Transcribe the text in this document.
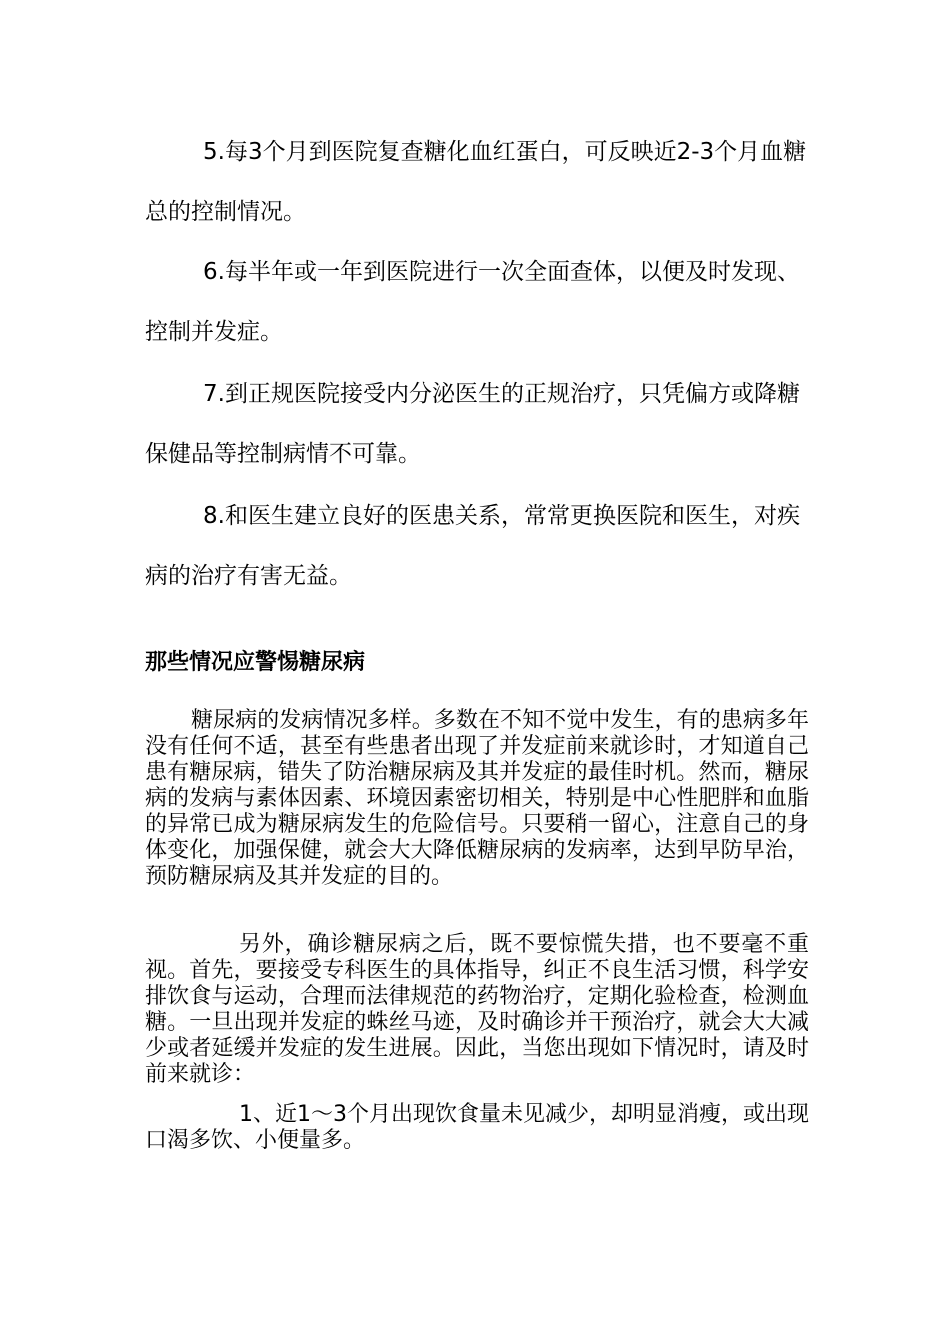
5.每3个月到医院复查糖化血红蛋白，可反映近2-3个月血糖总的控制情况。

6.每半年或一年到医院进行一次全面查体，以便及时发现、控制并发症。

7.到正规医院接受内分泌医生的正规治疗，只凭偏方或降糖保健品等控制病情不可靠。

8.和医生建立良好的医患关系，常常更换医院和医生，对疾病的治疗有害无益。

那些情况应警惕糖尿病

糖尿病的发病情况多样。多数在不知不觉中发生，有的患病多年没有任何不适，甚至有些患者出现了并发症前来就诊时，才知道自己患有糖尿病，错失了防治糖尿病及其并发症的最佳时机。然而，糖尿病的发病与素体因素、环境因素密切相关，特别是中心性肥胖和血脂的异常已成为糖尿病发生的危险信号。只要稍一留心，注意自己的身体变化，加强保健，就会大大降低糖尿病的发病率，达到早防早治，预防糖尿病及其并发症的目的。

另外，确诊糖尿病之后，既不要惊慌失措，也不要毫不重视。首先，要接受专科医生的具体指导，纠正不良生活习惯，科学安排饮食与运动，合理而法律规范的药物治疗，定期化验检查，检测血糖。一旦出现并发症的蛛丝马迹，及时确诊并干预治疗，就会大大减少或者延缓并发症的发生进展。因此，当您出现如下情况时，请及时前来就诊：

1、近1～3个月出现饮食量未见减少，却明显消瘦，或出现口渴多饮、小便量多。
